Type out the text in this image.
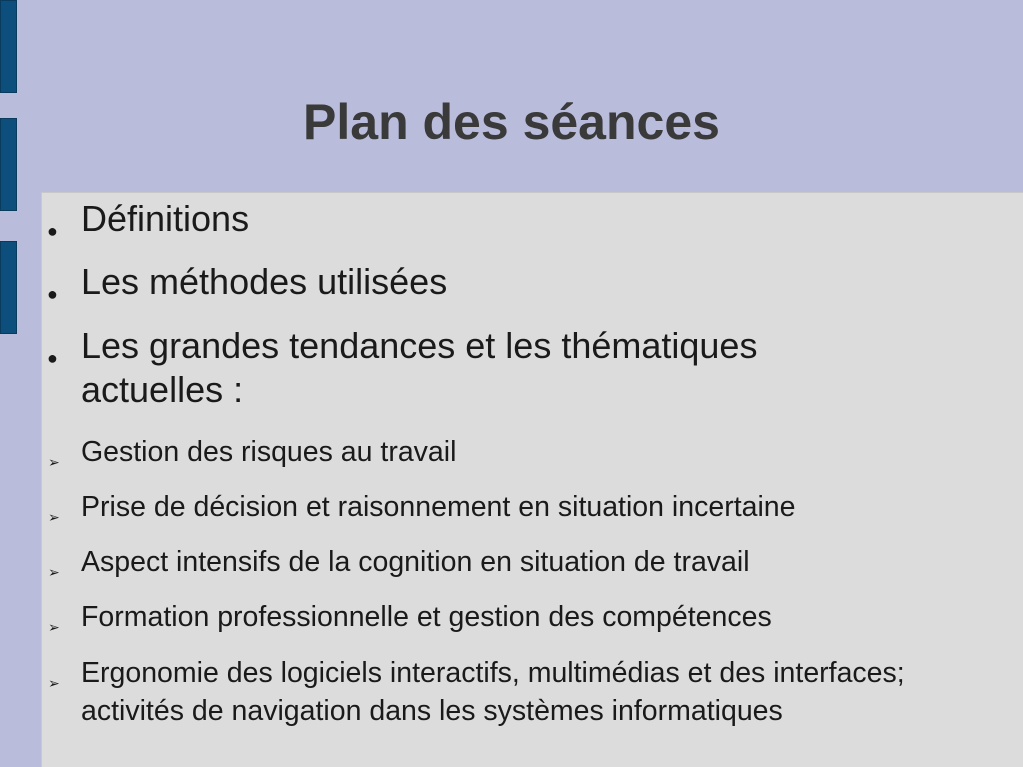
Plan des séances
● Définitions
● Les méthodes utilisées
● Les grandes tendances et les thématiques actuelles :
➢ Gestion des risques au travail
➢ Prise de décision et raisonnement en situation incertaine
➢ Aspect intensifs de la cognition en situation de travail
➢ Formation professionnelle et gestion des compétences
➢ Ergonomie des logiciels interactifs, multimédias et des interfaces; activités de navigation dans les systèmes informatiques
